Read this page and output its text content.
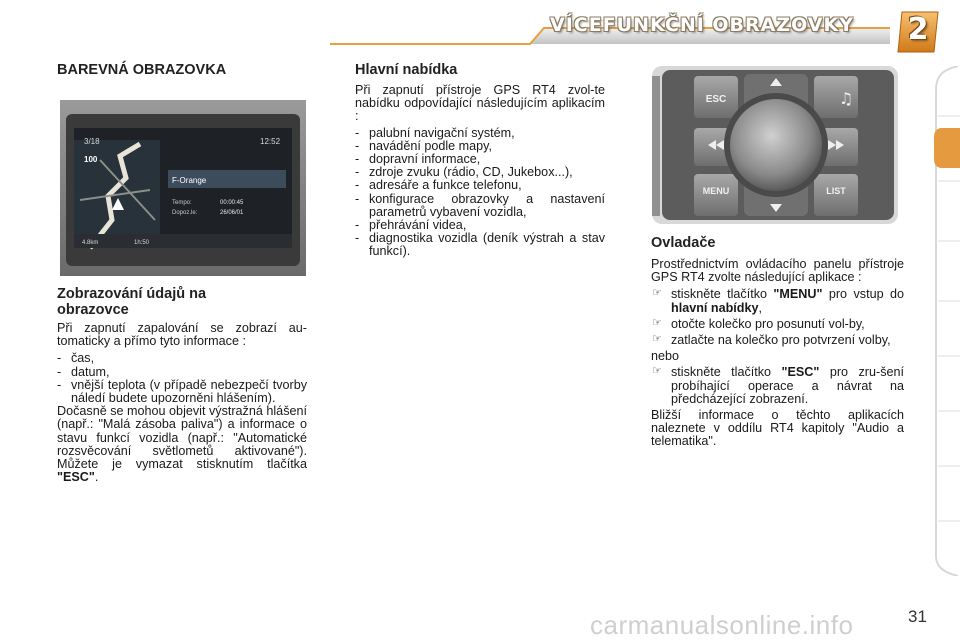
VÍCEFUNKČNÍ OBRAZOVKY	2
BAREVNÁ OBRAZOVKA
3/18	12:52
100
F-Orange
Tempo:	00:00:45
Dopoz.le:	26/06/01
4.8km	1h:50
Zobrazování údajů na obrazovce

Při zapnutí zapalování se zobrazí au-tomaticky a přímo tyto informace :

- čas,
- datum,
- vnější teplota (v případě nebezpečí tvorby náledí budete upozorněni hlášením).

Dočasně se mohou objevit výstražná hlášení (např.: "Malá zásoba paliva") a informace o stavu funkcí vozidla (např.: "Automatické rozsvěcování světlometů aktivované"). Můžete je vymazat stisknutím tlačítka "ESC".

Hlavní nabídka

Při zapnutí přístroje GPS RT4 zvol-te nabídku odpovídající následujícím aplikacím :

- palubní navigační systém,
- navádění podle mapy,
- dopravní informace,
- zdroje zvuku (rádio, CD, Jukebox...),
- adresáře a funkce telefonu,
- konfigurace obrazovky a nastavení parametrů vybavení vozidla,
- přehrávání videa,
- diagnostika vozidla (deník výstrah a stav funkcí).
♫
ESC
MENU	LIST
Ovladače

Prostřednictvím ovládacího panelu přístroje GPS RT4 zvolte následující aplikace :

☞ stiskněte tlačítko "MENU" pro vstup do hlavní nabídky,
☞ otočte kolečko pro posunutí vol-by,
☞ zatlačte na kolečko pro potvrzení volby,

nebo

☞ stiskněte tlačítko "ESC" pro zru-šení probíhající operace a návrat na předcházející zobrazení.

Bližší informace o těchto aplikacích naleznete v oddílu RT4 kapitoly "Audio a telematika".

31
carmanualsonline.info
